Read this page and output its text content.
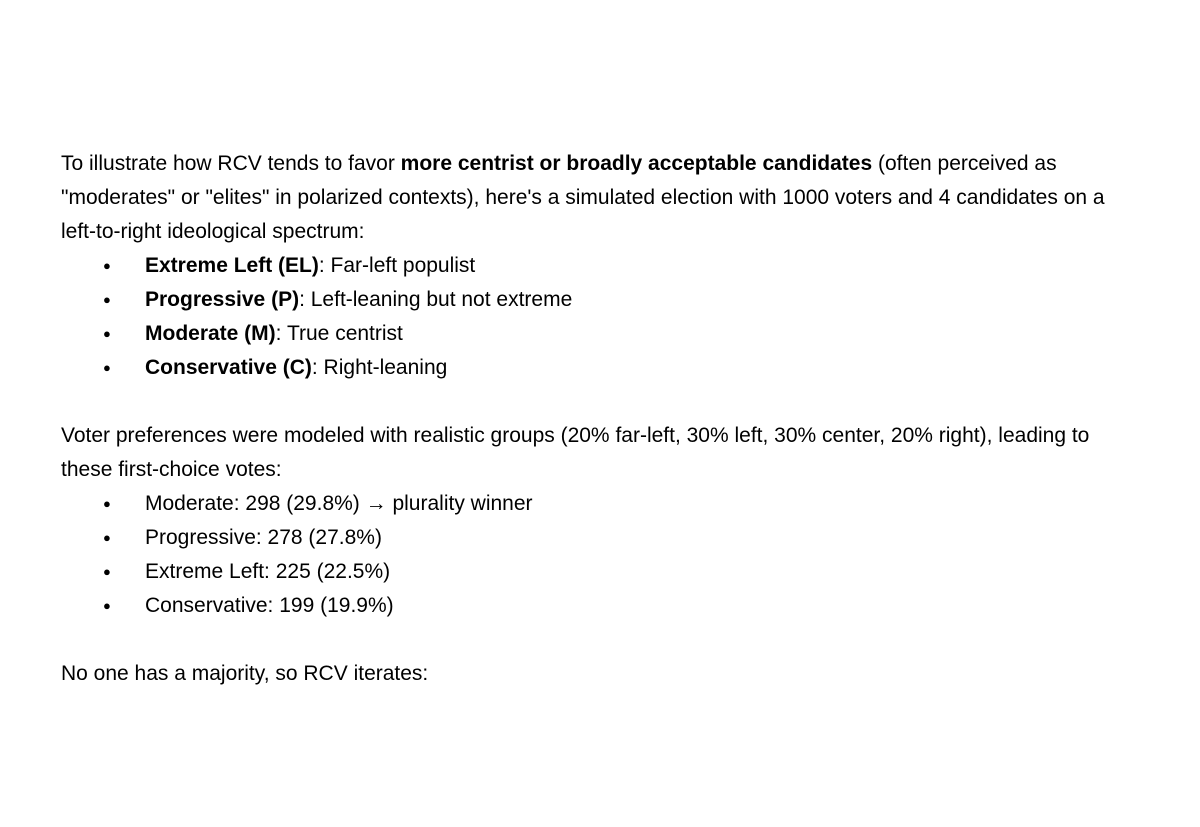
To illustrate how RCV tends to favor more centrist or broadly acceptable candidates (often perceived as "moderates" or "elites" in polarized contexts), here's a simulated election with 1000 voters and 4 candidates on a left-to-right ideological spectrum:

● Extreme Left (EL): Far-left populist
● Progressive (P): Left-leaning but not extreme
● Moderate (M): True centrist
● Conservative (C): Right-leaning

Voter preferences were modeled with realistic groups (20% far-left, 30% left, 30% center, 20% right), leading to these first-choice votes:

● Moderate: 298 (29.8%) → plurality winner
● Progressive: 278 (27.8%)
● Extreme Left: 225 (22.5%)
● Conservative: 199 (19.9%)

No one has a majority, so RCV iterates:
